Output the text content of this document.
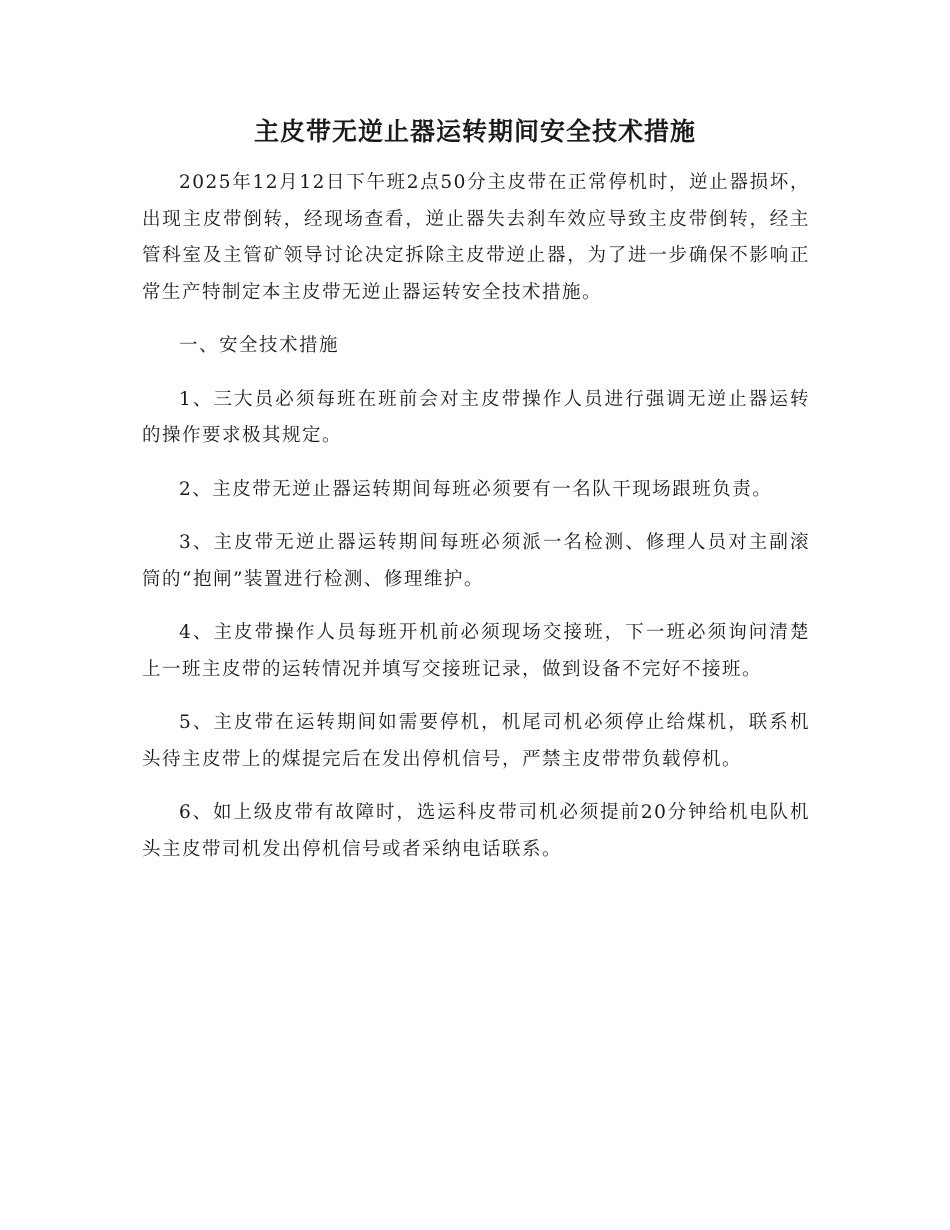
主皮带无逆止器运转期间安全技术措施

2025年12月12日下午班2点50分主皮带在正常停机时，逆止器损坏，出现主皮带倒转，经现场查看，逆止器失去刹车效应导致主皮带倒转，经主管科室及主管矿领导讨论决定拆除主皮带逆止器，为了进一步确保不影响正常生产特制定本主皮带无逆止器运转安全技术措施。

一、安全技术措施

1、三大员必须每班在班前会对主皮带操作人员进行强调无逆止器运转的操作要求极其规定。

2、主皮带无逆止器运转期间每班必须要有一名队干现场跟班负责。

3、主皮带无逆止器运转期间每班必须派一名检测、修理人员对主副滚筒的“抱闸”装置进行检测、修理维护。

4、主皮带操作人员每班开机前必须现场交接班，下一班必须询问清楚上一班主皮带的运转情况并填写交接班记录，做到设备不完好不接班。

5、主皮带在运转期间如需要停机，机尾司机必须停止给煤机，联系机头待主皮带上的煤提完后在发出停机信号，严禁主皮带带负载停机。

6、如上级皮带有故障时，选运科皮带司机必须提前20分钟给机电队机头主皮带司机发出停机信号或者采纳电话联系。
